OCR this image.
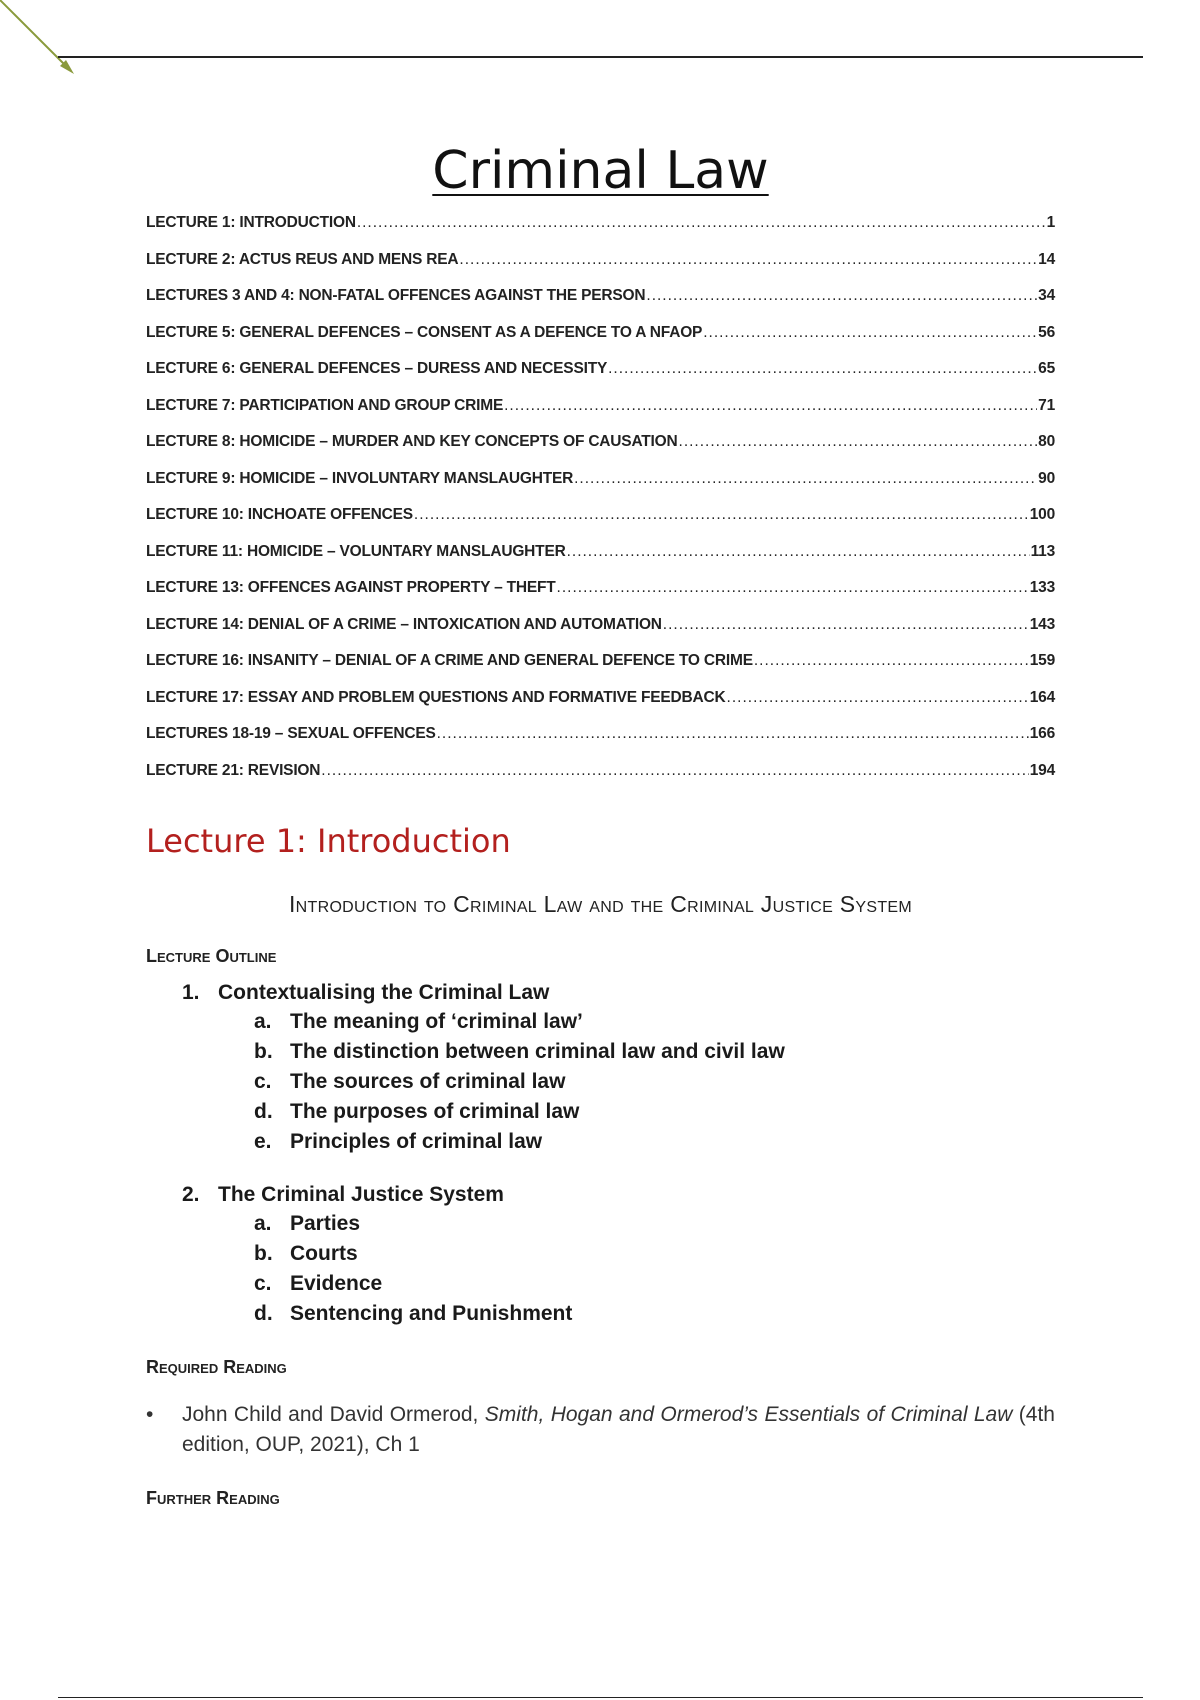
Criminal Law
LECTURE 1: INTRODUCTION .....	1
LECTURE 2: ACTUS REUS AND MENS REA .....	14
LECTURES 3 AND 4: NON-FATAL OFFENCES AGAINST THE PERSON .....	34
LECTURE 5: GENERAL DEFENCES – CONSENT AS A DEFENCE TO A NFAOP .....	56
LECTURE 6: GENERAL DEFENCES – DURESS AND NECESSITY .....	65
LECTURE 7: PARTICIPATION AND GROUP CRIME .....	71
LECTURE 8: HOMICIDE – MURDER AND KEY CONCEPTS OF CAUSATION .....	80
LECTURE 9: HOMICIDE – INVOLUNTARY MANSLAUGHTER .....	90
LECTURE 10: INCHOATE OFFENCES .....	100
LECTURE 11: HOMICIDE – VOLUNTARY MANSLAUGHTER .....	113
LECTURE 13: OFFENCES AGAINST PROPERTY – THEFT .....	133
LECTURE 14: DENIAL OF A CRIME – INTOXICATION AND AUTOMATION .....	143
LECTURE 16: INSANITY – DENIAL OF A CRIME AND GENERAL DEFENCE TO CRIME .....	159
LECTURE 17: ESSAY AND PROBLEM QUESTIONS AND FORMATIVE FEEDBACK .....	164
LECTURES 18-19 – SEXUAL OFFENCES .....	166
LECTURE 21: REVISION .....	194
Lecture 1: Introduction
Introduction to Criminal Law and the Criminal Justice System
Lecture Outline
1. Contextualising the Criminal Law
a. The meaning of ‘criminal law’
b. The distinction between criminal law and civil law
c. The sources of criminal law
d. The purposes of criminal law
e. Principles of criminal law
2. The Criminal Justice System
a. Parties
b. Courts
c. Evidence
d. Sentencing and Punishment
Required Reading
• John Child and David Ormerod, Smith, Hogan and Ormerod’s Essentials of Criminal Law (4th edition, OUP, 2021), Ch 1
Further Reading
